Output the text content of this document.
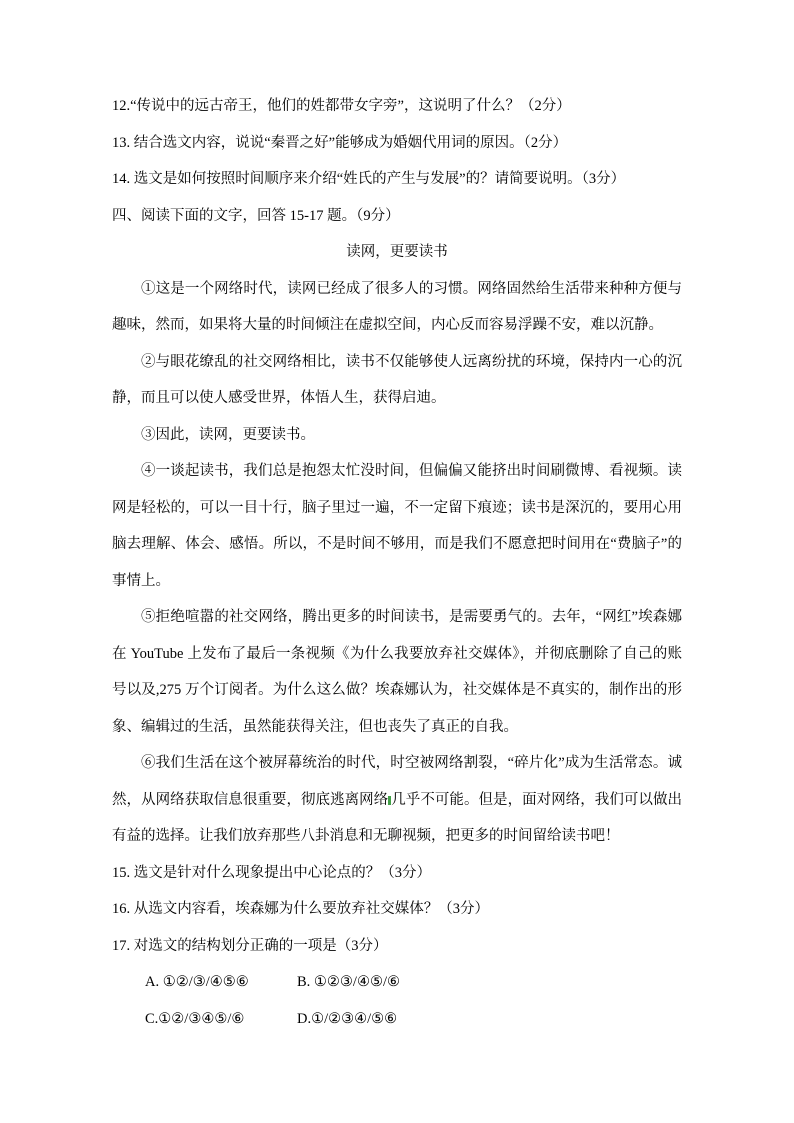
12.“传说中的远古帝王，他们的姓都带女字旁”，这说明了什么？（2分）

13. 结合选文内容，说说“秦晋之好”能够成为婚姻代用词的原因。（2分）

14. 选文是如何按照时间顺序来介绍“姓氏的产生与发展”的？请简要说明。（3分）

四、阅读下面的文字，回答 15-17 题。（9分）

读网，更要读书

①这是一个网络时代，读网已经成了很多人的习惯。网络固然给生活带来种种方便与趣味，然而，如果将大量的时间倾注在虚拟空间，内心反而容易浮躁不安，难以沉静。

②与眼花缭乱的社交网络相比，读书不仅能够使人远离纷扰的环境，保持内一心的沉静，而且可以使人感受世界，体悟人生，获得启迪。

③因此，读网，更要读书。

④一谈起读书，我们总是抱怨太忙没时间，但偏偏又能挤出时间刷微博、看视频。读网是轻松的，可以一目十行，脑子里过一遍，不一定留下痕迹；读书是深沉的，要用心用脑去理解、体会、感悟。所以，不是时间不够用，而是我们不愿意把时间用在“费脑子”的事情上。

⑤拒绝喧嚣的社交网络，腾出更多的时间读书，是需要勇气的。去年，“网红”埃森娜在 YouTube 上发布了最后一条视频《为什么我要放弃社交媒体》，并彻底删除了自己的账号以及,275 万个订阅者。为什么这么做？埃森娜认为，社交媒体是不真实的，制作出的形象、编辑过的生活，虽然能获得关注，但也丧失了真正的自我。

⑥我们生活在这个被屏幕统治的时代，时空被网络割裂，“碎片化”成为生活常态。诚然，从网络获取信息很重要，彻底逃离网络 几乎不可能。但是，面对网络，我们可以做出有益的选择。让我们放弃那些八卦消息和无聊视频，把更多的时间留给读书吧！

15. 选文是针对什么现象提出中心论点的？（3分）

16. 从选文内容看，埃森娜为什么要放弃社交媒体？（3分）

17. 对选文的结构划分正确的一项是（3分）

A. ①②/③/④⑤⑥	B. ①②③/④⑤/⑥

C.①②/③④⑤/⑥	D.①/②③④/⑤⑥
